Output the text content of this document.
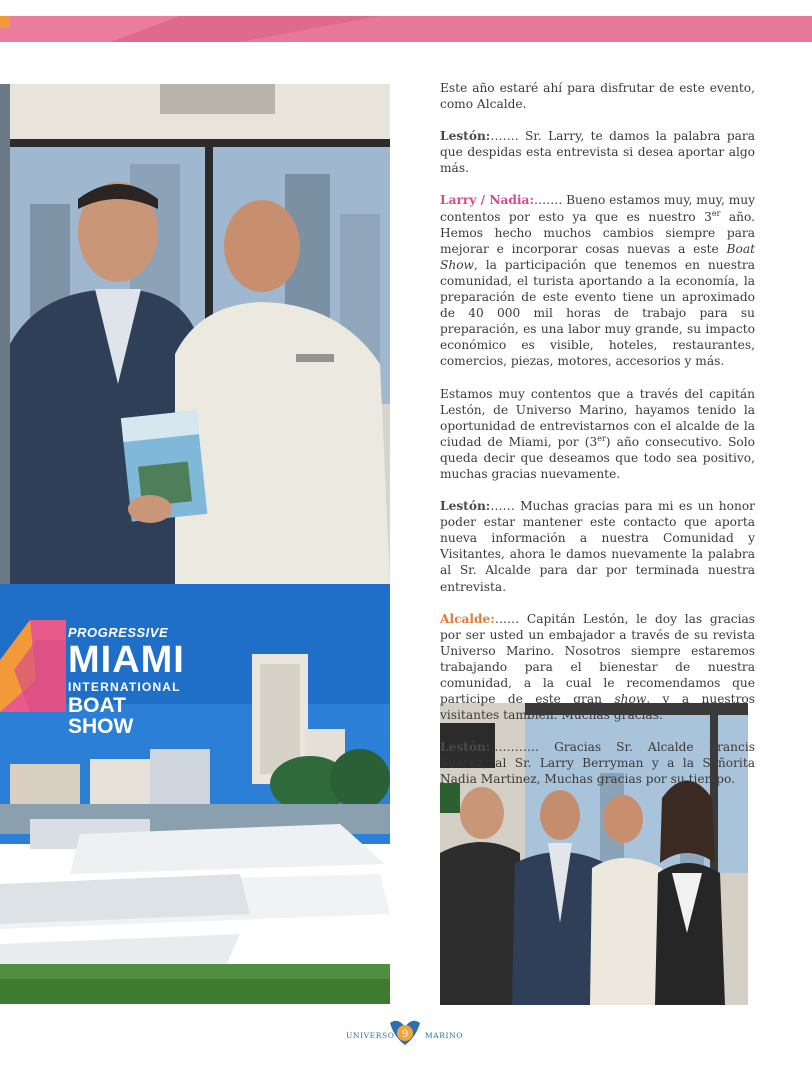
PROGRESSIVE
MIAMI
INTERNATIONAL
BOAT SHOW

Este año estaré ahí para disfrutar de este evento, como Alcalde.

Lestón:……. Sr. Larry, te damos la palabra para que despidas esta entrevista si desea aportar algo más.

Larry / Nadia:……. Bueno estamos muy, muy, muy contentos por esto ya que es nuestro 3er año. Hemos hecho muchos cambios siempre para mejorar e incorporar cosas nuevas a este Boat Show, la participación que tenemos en nuestra comunidad, el turista aportando a la economía, la preparación de este evento tiene un aproximado de 40 000 mil horas de trabajo para su preparación, es una labor muy grande, su impacto económico es visible, hoteles, restaurantes, comercios, piezas, motores, accesorios y más.

Estamos muy contentos que a través del capitán Lestón, de Universo Marino, hayamos tenido la oportunidad de entrevistarnos con el alcalde de la ciudad de Miami, por (3er) año consecutivo. Solo queda decir que deseamos que todo sea positivo, muchas gracias nuevamente.

Lestón:…… Muchas gracias para mi es un honor poder estar mantener este contacto que aporta nueva información a nuestra Comunidad y Visitantes, ahora le damos nuevamente la palabra al Sr. Alcalde para dar por terminada nuestra entrevista.

Alcalde:…… Capitán Lestón, le doy las gracias por ser usted un embajador a través de su revista Universo Marino. Nosotros siempre estaremos trabajando para el bienestar de nuestra comunidad, a la cual le recomendamos que participe de este gran show, y a nuestros visitantes también. Muchas gracias.

Lestón:………… Gracias Sr. Alcalde Francis Suarez, al Sr. Larry Berryman y a la Señorita Nadia Martinez, Muchas gracias por su tiempo.

UNIVERSO 9 MARINO
